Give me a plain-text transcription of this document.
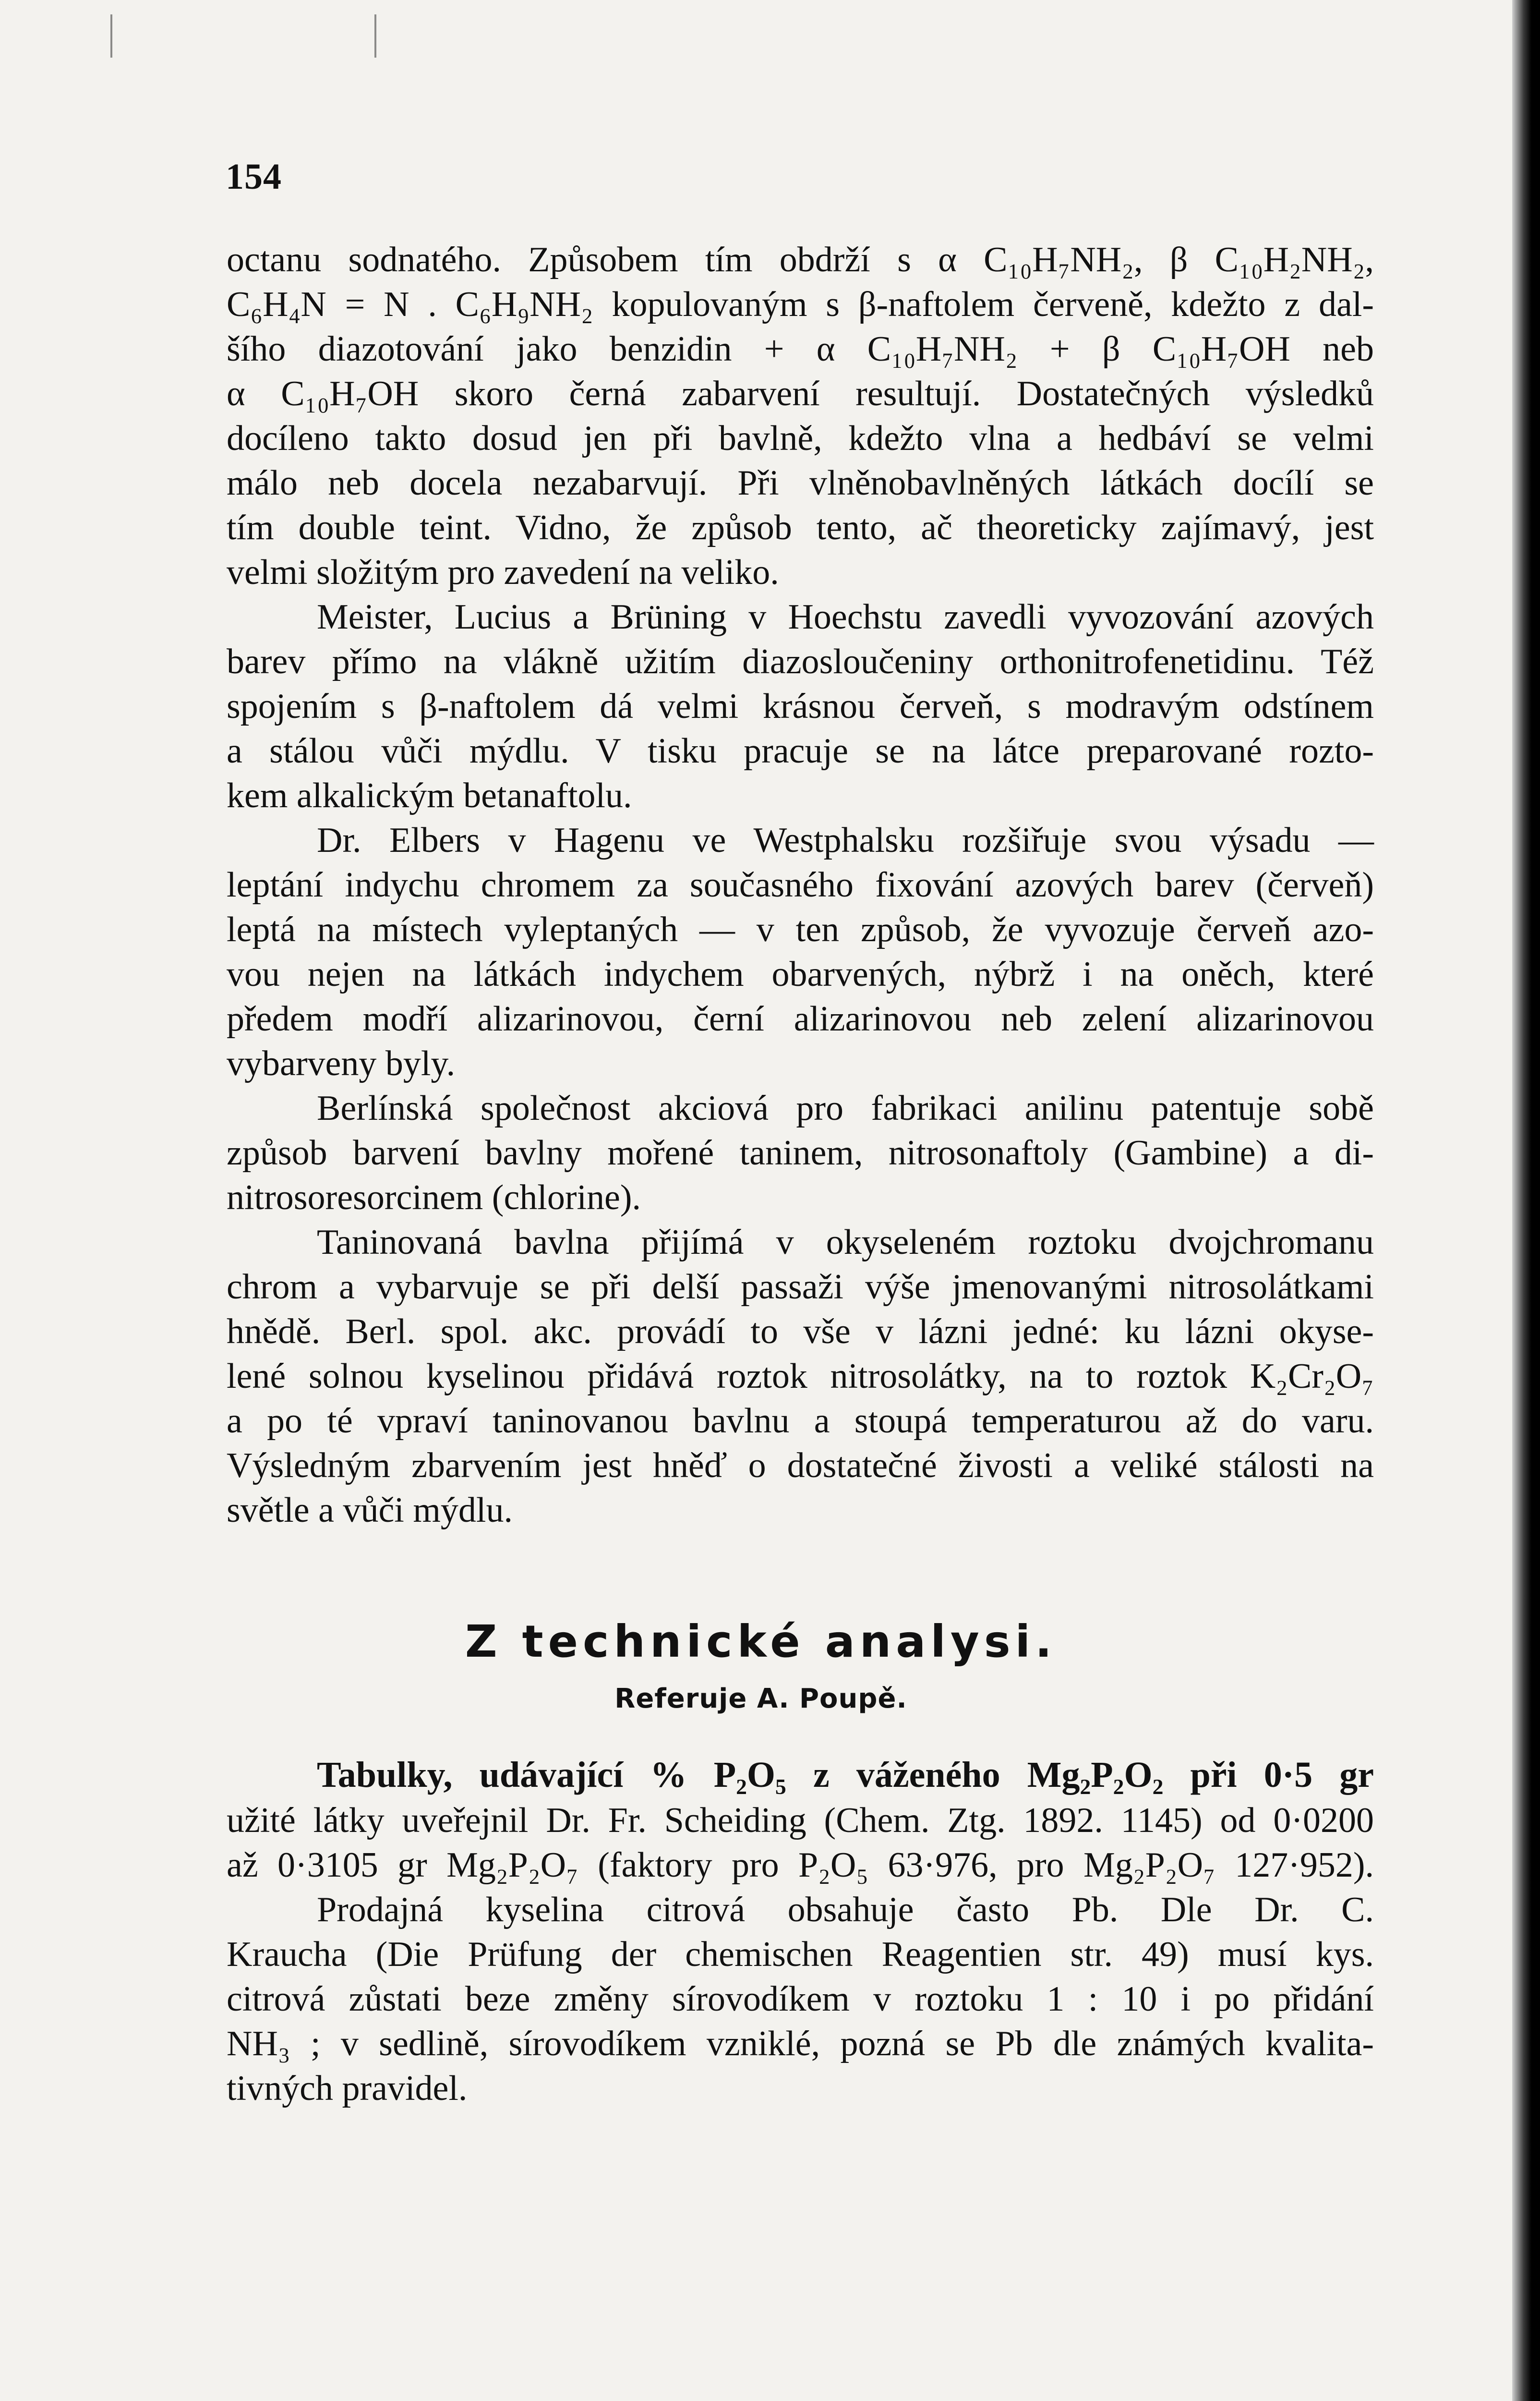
154
octanu sodnatého. Způsobem tím obdrží s α C₁₀H₇NH₂, β C₁₀H₂NH₂,
C₆H₄N = N . C₆H₉NH₂ kopulovaným s β-naftolem červeně, kdežto z dal-
šího diazotování jako benzidin + α C₁₀H₇NH₂ + β C₁₀H₇OH neb
α C₁₀H₇OH skoro černá zabarvení resultují. Dostatečných výsledků
docíleno takto dosud jen při bavlně, kdežto vlna a hedbáví se velmi
málo neb docela nezabarvují. Při vlněnobavlněných látkách docílí se
tím double teint. Vidno, že způsob tento, ač theoreticky zajímavý, jest
velmi složitým pro zavedení na veliko.
Meister, Lucius a Brüning v Hoechstu zavedli vyvozování azových
barev přímo na vlákně užitím diazosloučeniny orthonitrofenetidinu. Též
spojením s β-naftolem dá velmi krásnou červeň, s modravým odstínem
a stálou vůči mýdlu. V tisku pracuje se na látce preparované rozto-
kem alkalickým betanaftolu.
Dr. Elbers v Hagenu ve Westphalsku rozšiřuje svou výsadu —
leptání indychu chromem za současného fixování azových barev (červeň)
leptá na místech vyleptaných — v ten způsob, že vyvozuje červeň azo-
vou nejen na látkách indychem obarvených, nýbrž i na oněch, které
předem modří alizarinovou, černí alizarinovou neb zelení alizarinovou
vybarveny byly.
Berlínská společnost akciová pro fabrikaci anilinu patentuje sobě
způsob barvení bavlny mořené taninem, nitrosonaftoly (Gambine) a di-
nitrosoresorcinem (chlorine).
Taninovaná bavlna přijímá v okyseleném roztoku dvojchromanu
chrom a vybarvuje se při delší passaži výše jmenovanými nitrosolátkami
hnědě. Berl. spol. akc. provádí to vše v lázni jedné: ku lázni okyse-
lené solnou kyselinou přidává roztok nitrosolátky, na to roztok K₂Cr₂O₇
a po té vpraví taninovanou bavlnu a stoupá temperaturou až do varu.
Výsledným zbarvením jest hněď o dostatečné živosti a veliké stálosti na
světle a vůči mýdlu.
Z technické analysi.
Referuje A. Poupě.
Tabulky, udávající % P₂O₅ z váženého Mg₂P₂O₂ při 0·5 gr
užité látky uveřejnil Dr. Fr. Scheiding (Chem. Ztg. 1892. 1145) od 0·0200
až 0·3105 gr Mg₂P₂O₇ (faktory pro P₂O₅ 63·976, pro Mg₂P₂O₇ 127·952).
Prodajná kyselina citrová obsahuje často Pb. Dle Dr. C.
Kraucha (Die Prüfung der chemischen Reagentien str. 49) musí kys.
citrová zůstati beze změny sírovodíkem v roztoku 1 : 10 i po přidání
NH₃ ; v sedlině, sírovodíkem vzniklé, pozná se Pb dle známých kvalita-
tivných pravidel.
